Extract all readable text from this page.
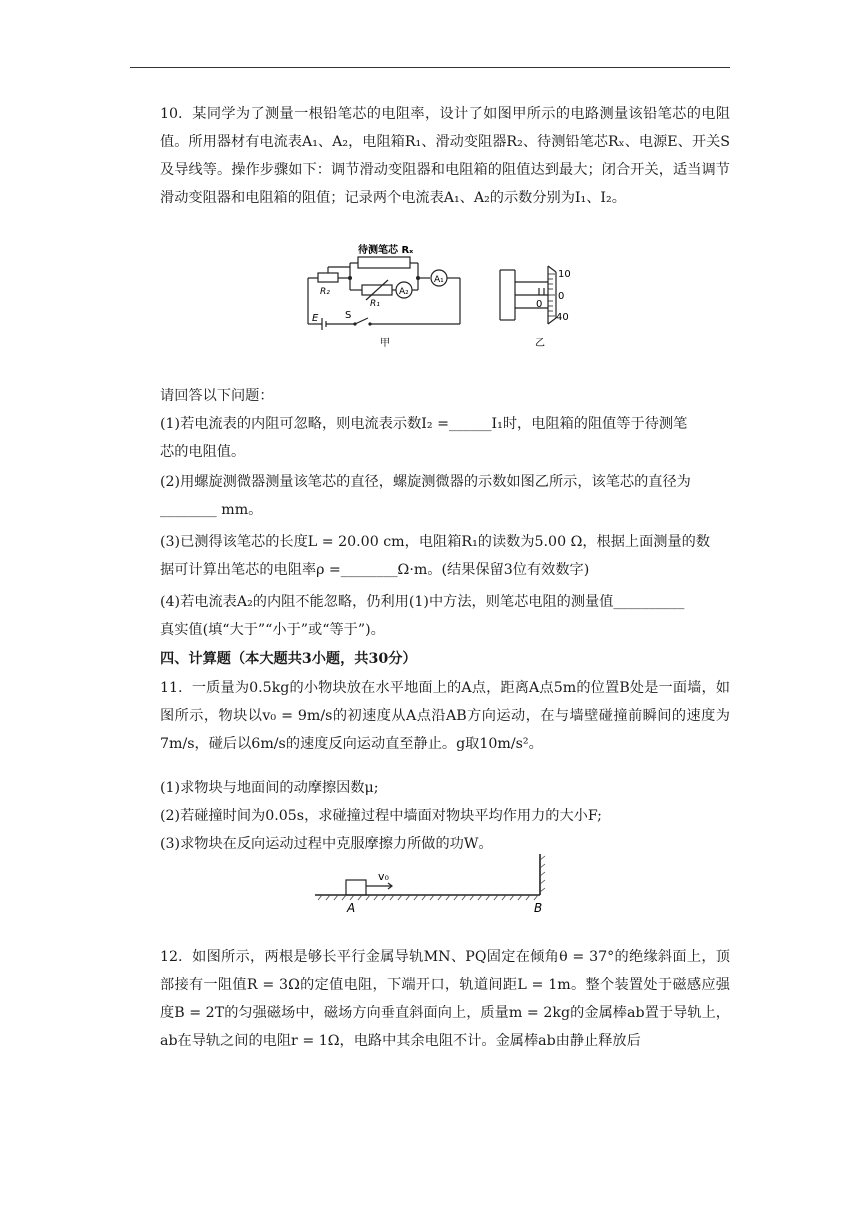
10.  某同学为了测量一根铅笔芯的电阻率，设计了如图甲所示的电路测量该铅笔芯的电阻值。所用器材有电流表A₁、A₂，电阻箱R₁、滑动变阻器R₂、待测铅笔芯Rₓ、电源E、开关S及导线等。操作步骤如下：调节滑动变阻器和电阻箱的阻值达到最大；闭合开关，适当调节滑动变阻器和电阻箱的阻值；记录两个电流表A₁、A₂的示数分别为I₁、I₂。
待测笔芯 Rₓ
A₁
A₂
R₁
R₂
E	S
甲
10
0
40
0
乙
请回答以下问题：
(1)若电流表的内阻可忽略，则电流表示数I₂ =______I₁时，电阻箱的阻值等于待测笔
芯的电阻值。
(2)用螺旋测微器测量该笔芯的直径，螺旋测微器的示数如图乙所示，该笔芯的直径为
________ mm。
(3)已测得该笔芯的长度L = 20.00 cm，电阻箱R₁的读数为5.00 Ω，根据上面测量的数
据可计算出笔芯的电阻率ρ =________Ω·m。(结果保留3位有效数字)
(4)若电流表A₂的内阻不能忽略，仍利用(1)中方法，则笔芯电阻的测量值__________
真实值(填“大于”“小于”或“等于”)。
四、计算题（本大题共3小题，共30分）
11.  一质量为0.5kg的小物块放在水平地面上的A点，距离A点5m的位置B处是一面墙，如图所示，物块以v₀ = 9m/s的初速度从A点沿AB方向运动，在与墙壁碰撞前瞬间的速度为7m/s，碰后以6m/s的速度反向运动直至静止。g取10m/s²。
(1)求物块与地面间的动摩擦因数μ;
(2)若碰撞时间为0.05s，求碰撞过程中墙面对物块平均作用力的大小F;
(3)求物块在反向运动过程中克服摩擦力所做的功W。
v₀
A	B
12.  如图所示，两根是够长平行金属导轨MN、PQ固定在倾角θ = 37°的绝缘斜面上，顶部接有一阻值R = 3Ω的定值电阻，下端开口，轨道间距L = 1m。整个装置处于磁感应强度B = 2T的匀强磁场中，磁场方向垂直斜面向上，质量m = 2kg的金属棒ab置于导轨上，ab在导轨之间的电阻r = 1Ω，电路中其余电阻不计。金属棒ab由静止释放后
